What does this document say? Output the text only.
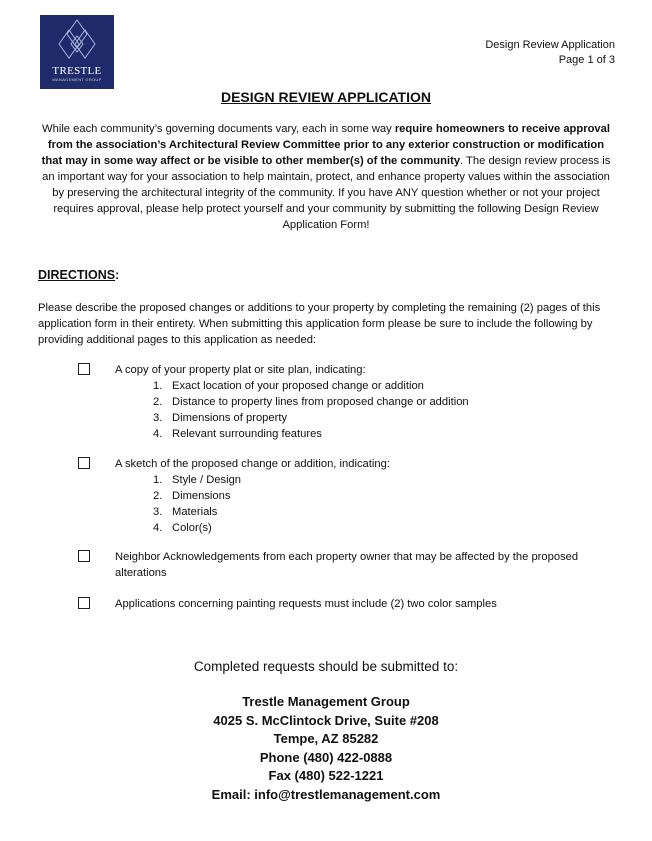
TRESTLE
MANAGEMENT GROUP
Design Review Application
Page 1 of 3
DESIGN REVIEW APPLICATION
While each community’s governing documents vary, each in some way require homeowners to receive approval from the association’s Architectural Review Committee prior to any exterior construction or modification that may in some way affect or be visible to other member(s) of the community. The design review process is an important way for your association to help maintain, protect, and enhance property values within the association by preserving the architectural integrity of the community. If you have ANY question whether or not your project requires approval, please help protect yourself and your community by submitting the following Design Review Application Form!
DIRECTIONS:
Please describe the proposed changes or additions to your property by completing the remaining (2) pages of this application form in their entirety. When submitting this application form please be sure to include the following by providing additional pages to this application as needed:
A copy of your property plat or site plan, indicating:
1. Exact location of your proposed change or addition
2. Distance to property lines from proposed change or addition
3. Dimensions of property
4. Relevant surrounding features
A sketch of the proposed change or addition, indicating:
1. Style / Design
2. Dimensions
3. Materials
4. Color(s)
Neighbor Acknowledgements from each property owner that may be affected by the proposed alterations
Applications concerning painting requests must include (2) two color samples
Completed requests should be submitted to:
Trestle Management Group
4025 S. McClintock Drive, Suite #208
Tempe, AZ 85282
Phone (480) 422-0888
Fax (480) 522-1221
Email: info@trestlemanagement.com
